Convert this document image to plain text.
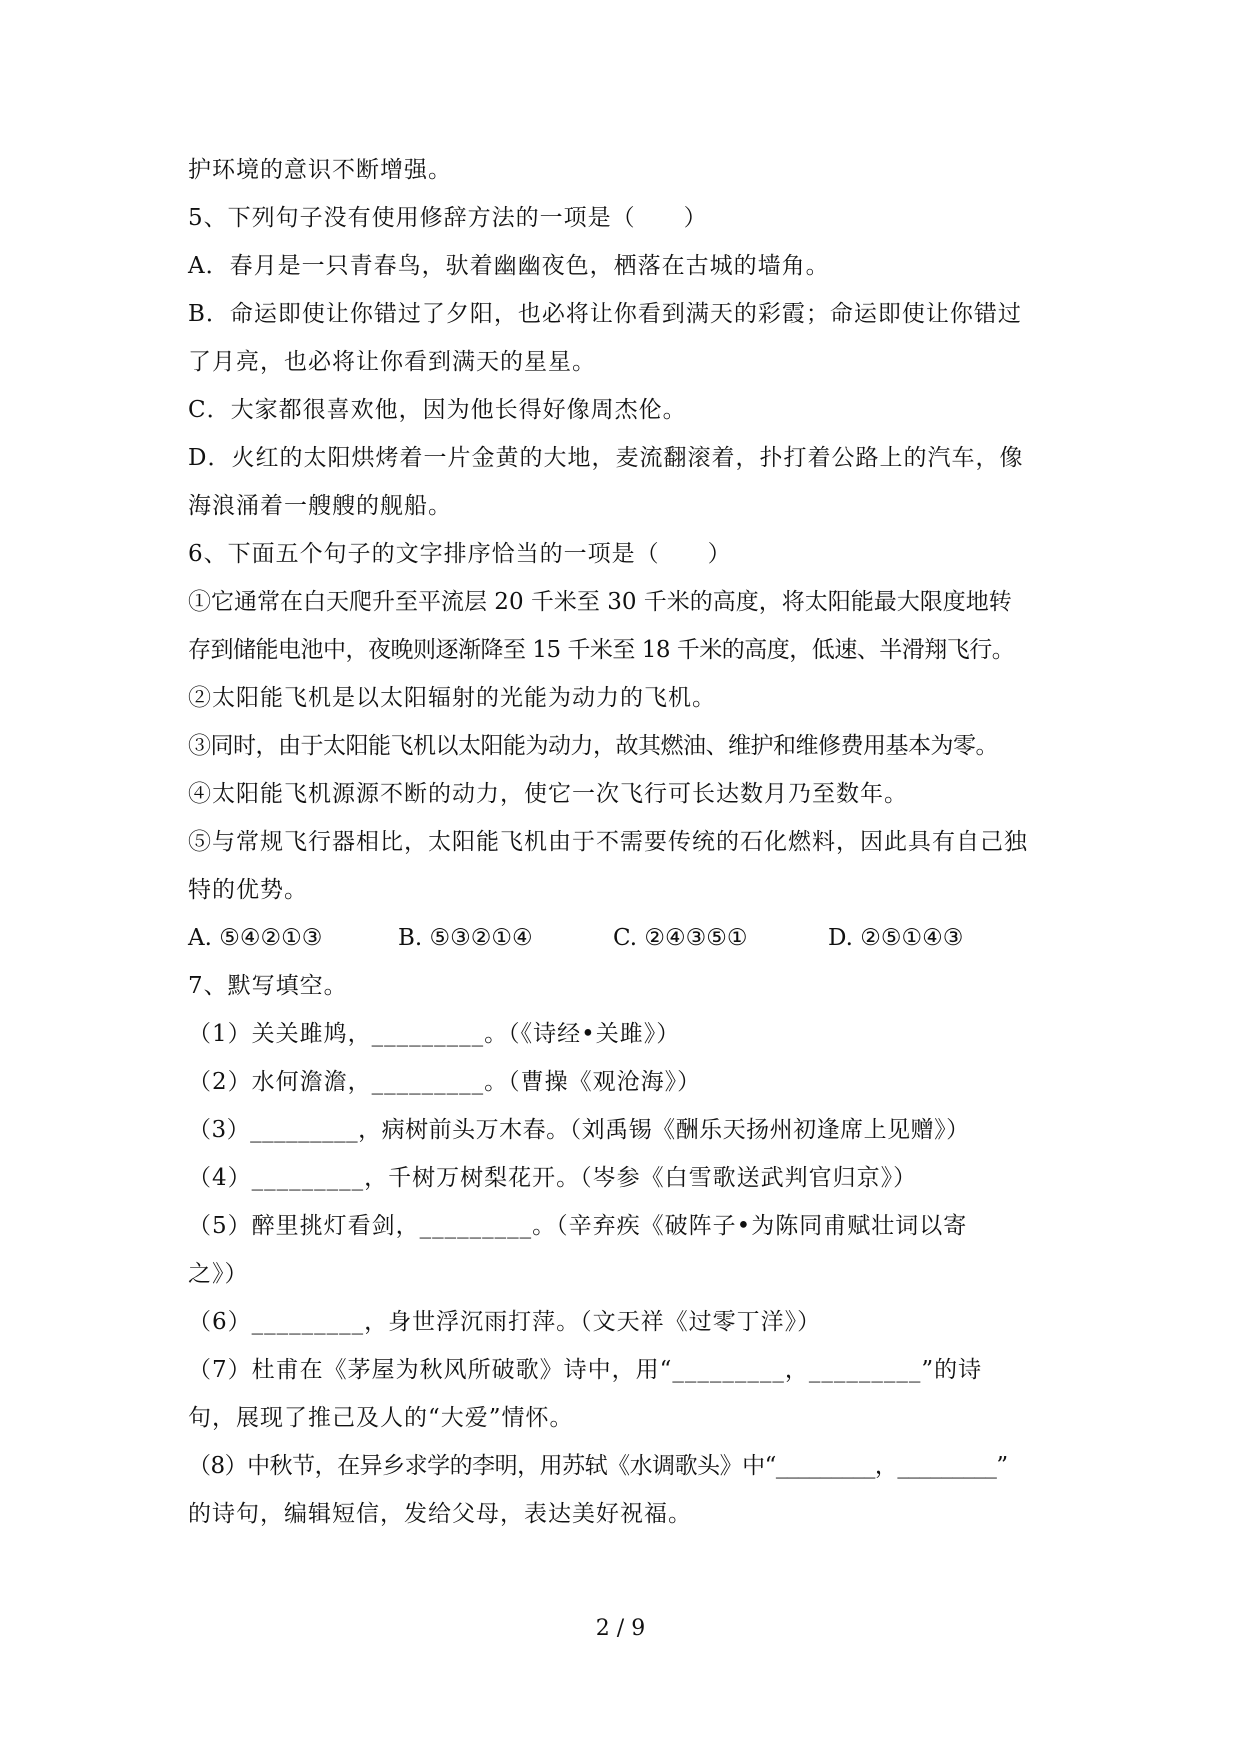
护环境的意识不断增强。
5、下列句子没有使用修辞方法的一项是（　　）
A．春月是一只青春鸟，驮着幽幽夜色，栖落在古城的墙角。
B．命运即使让你错过了夕阳，也必将让你看到满天的彩霞；命运即使让你错过
了月亮，也必将让你看到满天的星星。
C．大家都很喜欢他，因为他长得好像周杰伦。
D．火红的太阳烘烤着一片金黄的大地，麦流翻滚着，扑打着公路上的汽车，像
海浪涌着一艘艘的舰船。
6、下面五个句子的文字排序恰当的一项是（　　）
①它通常在白天爬升至平流层 20 千米至 30 千米的高度，将太阳能最大限度地转
存到储能电池中，夜晚则逐渐降至 15 千米至 18 千米的高度，低速、半滑翔飞行。
②太阳能飞机是以太阳辐射的光能为动力的飞机。
③同时，由于太阳能飞机以太阳能为动力，故其燃油、维护和维修费用基本为零。
④太阳能飞机源源不断的动力，使它一次飞行可长达数月乃至数年。
⑤与常规飞行器相比，太阳能飞机由于不需要传统的石化燃料，因此具有自己独
特的优势。
A. ⑤④②①③	B. ⑤③②①④	C. ②④③⑤①	D. ②⑤①④③
7、默写填空。
（1）关关雎鸠，_________。（《诗经•关雎》）
（2）水何澹澹，_________。（曹操《观沧海》）
（3）_________，病树前头万木春。（刘禹锡《酬乐天扬州初逢席上见赠》）
（4）_________，千树万树梨花开。（岑参《白雪歌送武判官归京》）
（5）醉里挑灯看剑，_________。（辛弃疾《破阵子•为陈同甫赋壮词以寄
之》）
（6）_________，身世浮沉雨打萍。（文天祥《过零丁洋》）
（7）杜甫在《茅屋为秋风所破歌》诗中，用“_________，_________”的诗
句，展现了推己及人的“大爱”情怀。
（8）中秋节，在异乡求学的李明，用苏轼《水调歌头》中“_________，_________”
的诗句，编辑短信，发给父母，表达美好祝福。
2 / 9
